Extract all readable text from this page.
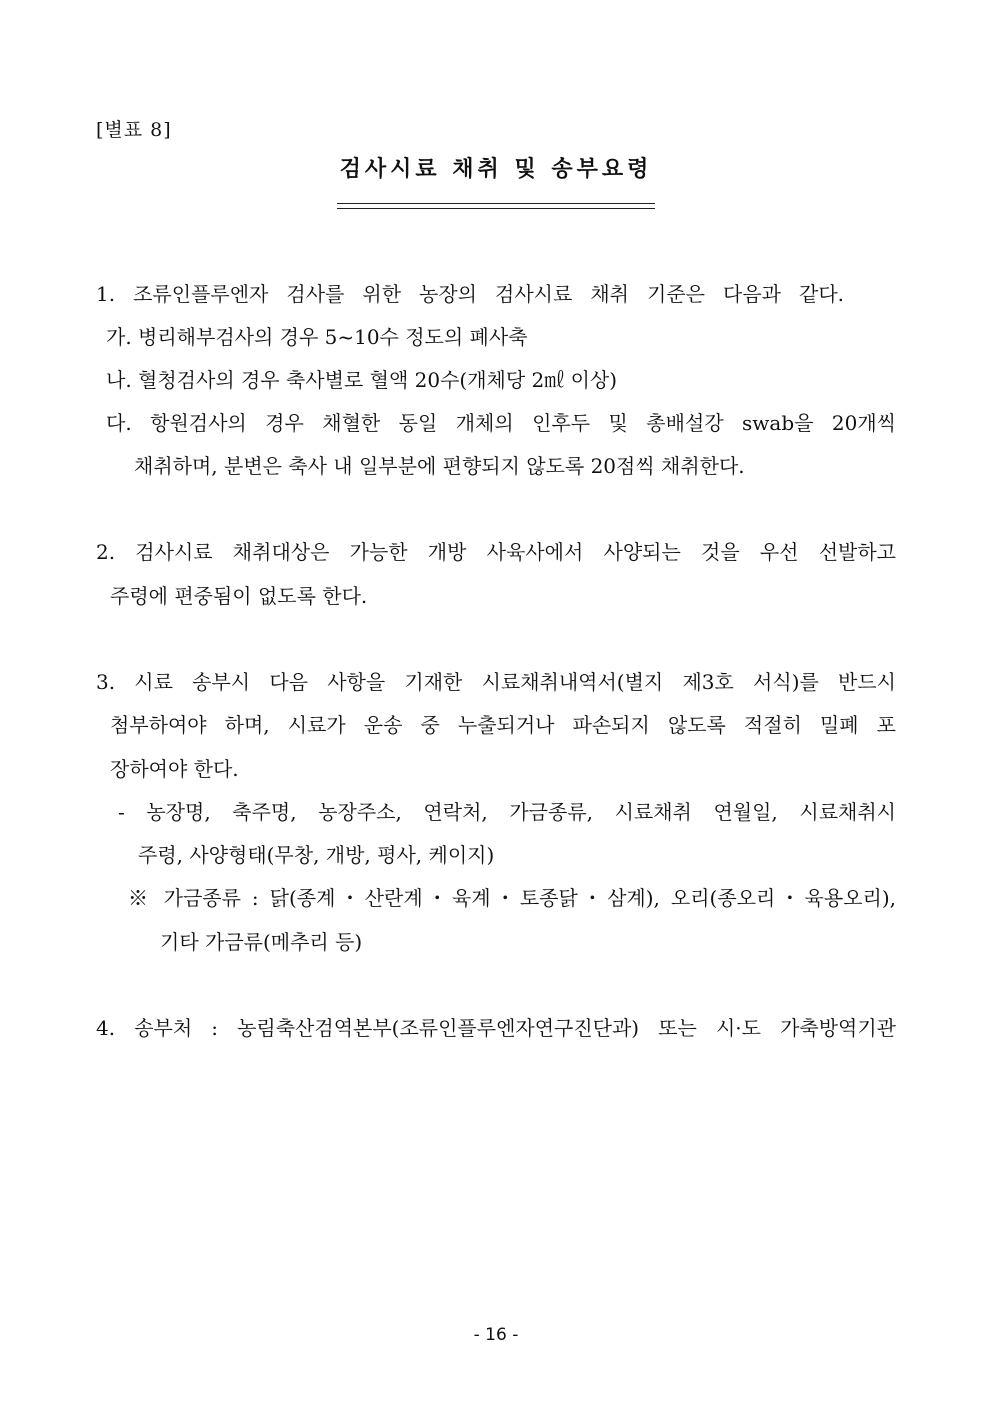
[별표 8]
검사시료 채취 및 송부요령
1. 조류인플루엔자 검사를 위한 농장의 검사시료 채취 기준은 다음과 같다.
가. 병리해부검사의 경우 5~10수 정도의 폐사축
나. 혈청검사의 경우 축사별로 혈액 20수(개체당 2㎖ 이상)
다. 항원검사의 경우 채혈한 동일 개체의 인후두 및 총배설강 swab을 20개씩
채취하며, 분변은 축사 내 일부분에 편향되지 않도록 20점씩 채취한다.
2. 검사시료 채취대상은 가능한 개방 사육사에서 사양되는 것을 우선 선발하고
주령에 편중됨이 없도록 한다.
3. 시료 송부시 다음 사항을 기재한 시료채취내역서(별지 제3호 서식)를 반드시
첨부하여야 하며, 시료가 운송 중 누출되거나 파손되지 않도록 적절히 밀폐 포
장하여야 한다.
- 농장명, 축주명, 농장주소, 연락처, 가금종류, 시료채취 연월일, 시료채취시
주령, 사양형태(무창, 개방, 평사, 케이지)
※ 가금종류 : 닭(종계・산란계・육계・토종닭・삼계), 오리(종오리・육용오리),
기타 가금류(메추리 등)
4. 송부처 : 농림축산검역본부(조류인플루엔자연구진단과) 또는 시·도 가축방역기관
- 16 -
